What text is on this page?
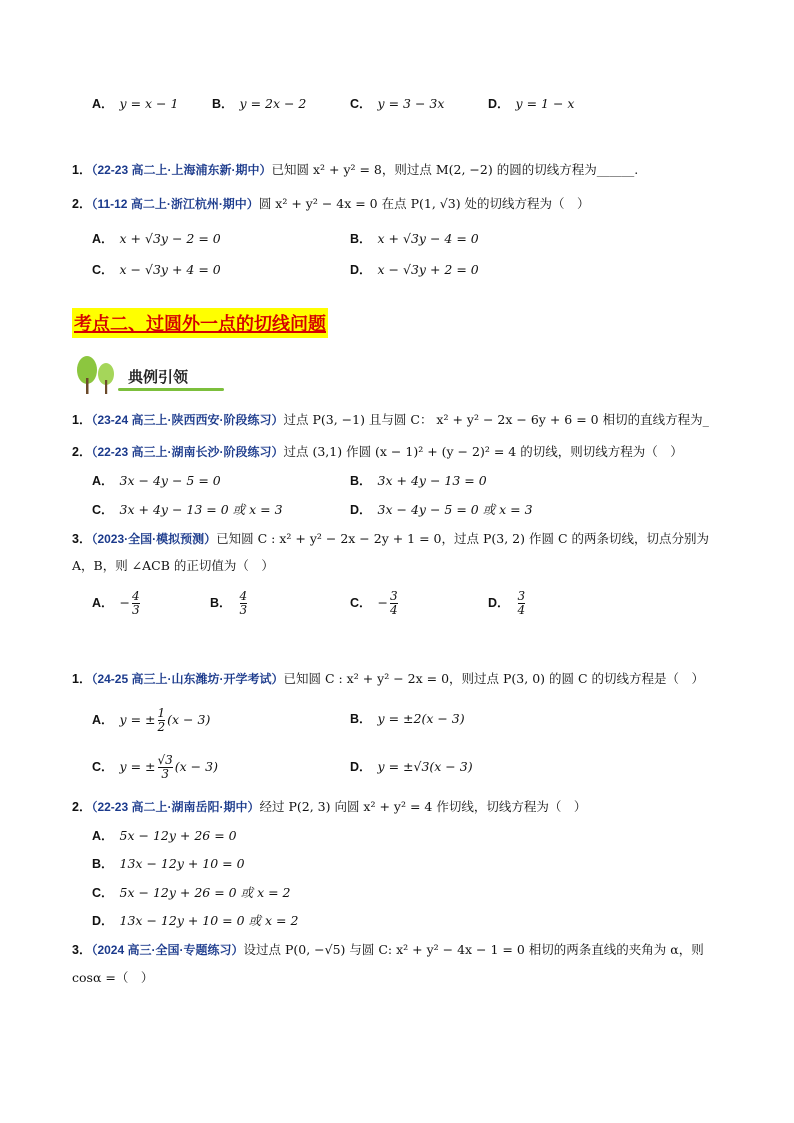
A． y = x − 1	B． y = 2x − 2	C． y = 3 − 3x	D． y = 1 − x
1．（22-23 高二上·上海浦东新·期中）已知圆 x² + y² = 8，则过点 M(2, −2) 的圆的切线方程为______.
2．（11-12 高二上·浙江杭州·期中）圆 x² + y² − 4x = 0 在点 P(1, √3) 处的切线方程为（　）
A． x + √3y − 2 = 0	B． x + √3y − 4 = 0
C． x − √3y + 4 = 0	D． x − √3y + 2 = 0
考点二、过圆外一点的切线问题
典例引领
1．（23-24 高三上·陕西西安·阶段练习）过点 P(3, −1) 且与圆 C： x² + y² − 2x − 6y + 6 = 0 相切的直线方程为_
2．（22-23 高三上·湖南长沙·阶段练习）过点 (3,1) 作圆 (x − 1)² + (y − 2)² = 4 的切线，则切线方程为（　）
A． 3x − 4y − 5 = 0	B． 3x + 4y − 13 = 0
C． 3x + 4y − 13 = 0 或 x = 3	D． 3x − 4y − 5 = 0 或 x = 3
3．（2023·全国·模拟预测）已知圆 C : x² + y² − 2x − 2y + 1 = 0，过点 P(3, 2) 作圆 C 的两条切线，切点分别为
A，B，则 ∠ACB 的正切值为（　）
A． − $\frac{4}{3}$	B． $\frac{4}{3}$	C． − $\frac{3}{4}$	D． $\frac{3}{4}$
1．（24-25 高三上·山东潍坊·开学考试）已知圆 C : x² + y² − 2x = 0，则过点 P(3, 0) 的圆 C 的切线方程是（　）
A． y = ± $\frac{1}{2} (x - 3)$	B． y = ±2(x − 3)
C． y = ± $\frac{√3}{3} (x - 3)$	D． y = ±√3(x − 3)
2．（22-23 高二上·湖南岳阳·期中）经过 P(2, 3) 向圆 x² + y² = 4 作切线，切线方程为（　）
A． 5x − 12y + 26 = 0
B． 13x − 12y + 10 = 0
C． 5x − 12y + 26 = 0 或 x = 2
D． 13x − 12y + 10 = 0 或 x = 2
3．（2024 高三·全国·专题练习）设过点 P(0, −√5) 与圆 C: x² + y² − 4x − 1 = 0 相切的两条直线的夹角为 α，则
cosα =（　）
